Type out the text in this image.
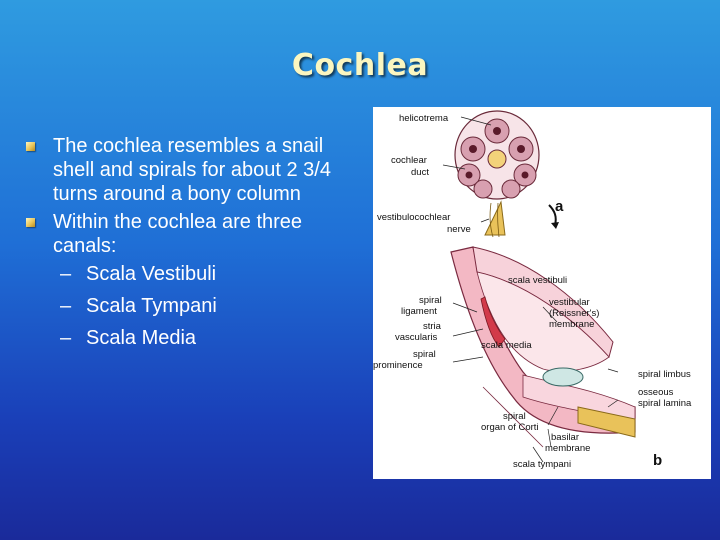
Cochlea
The cochlea resembles a snail shell and spirals for about 2 3/4 turns around a bony column
Within the cochlea are three canals:
– Scala Vestibuli
– Scala Tympani
– Scala Media
helicotrema
cochlear
duct
vestibulocochlear
nerve
a
scala vestibuli
spiral
ligament
stria
vascularis
vestibular
(Reissner's)
membrane
scala media
spiral
prominence
spiral limbus
osseous
spiral lamina
spiral
organ of Corti
basilar
membrane
scala tympani	b
